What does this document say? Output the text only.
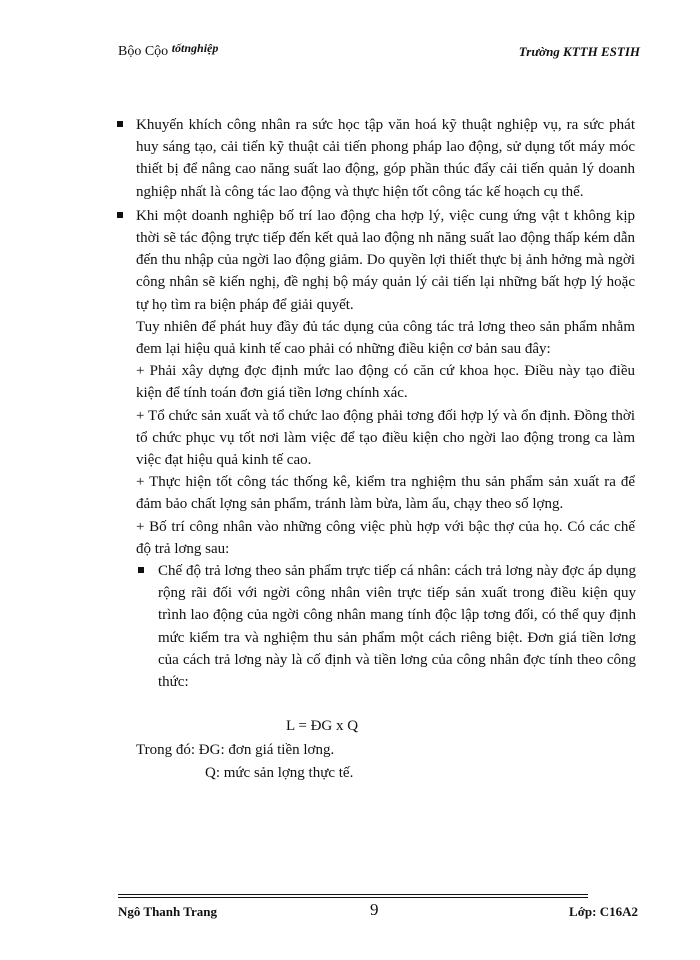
Bộo Cộo tốtnghiệp	Trường KTTH ESTIH

Khuyến khích công nhân ra sức học tập văn hoá kỹ thuật nghiệp vụ, ra sức phát huy sáng tạo, cải tiến kỹ thuật cải tiến phong pháp lao động, sử dụng tốt máy móc thiết bị để nâng cao năng suất lao động, góp phần thúc đẩy cải tiến quản lý doanh nghiệp nhất là công tác lao động và thực hiện tốt công tác kế hoạch cụ thể.

Khi một doanh nghiệp bố trí lao động cha hợp lý, việc cung ứng vật t không kịp thời sẽ tác động trực tiếp đến kết quả lao động nh năng suất lao động thấp kém dẫn đến thu nhập của ngời lao động giảm. Do quyền lợi thiết thực bị ảnh hởng mà ngời công nhân sẽ kiến nghị, đề nghị bộ máy quản lý cải tiến lại những bất hợp lý hoặc tự họ tìm ra biện pháp để giải quyết.

Tuy nhiên để phát huy đầy đủ tác dụng của công tác trả lơng theo sản phẩm nhằm đem lại hiệu quả kinh tế cao phải có những điều kiện cơ bản sau đây:

+ Phải xây dựng đợc định mức lao động có căn cứ khoa học. Điều này tạo điều kiện để tính toán đơn giá tiền lơng chính xác.

+ Tổ chức sản xuất và tổ chức lao động phải tơng đối hợp lý và ổn định. Đồng thời tổ chức phục vụ tốt nơi làm việc để tạo điều kiện cho ngời lao động trong ca làm việc đạt hiệu quả kinh tế cao.

+ Thực hiện tốt công tác thống kê, kiểm tra nghiệm thu sản phẩm sản xuất ra để đảm bảo chất lợng sản phẩm, tránh làm bừa, làm ẩu, chạy theo số lợng.

+ Bố trí công nhân vào những công việc phù hợp với bậc thợ của họ. Có các chế độ trả lơng sau:

Chế độ trả lơng theo sản phẩm trực tiếp cá nhân: cách trả lơng này đợc áp dụng rộng rãi đối với ngời công nhân viên trực tiếp sản xuất trong điều kiện quy trình lao động của ngời công nhân mang tính độc lập tơng đối, có thể quy định mức kiểm tra và nghiệm thu sản phẩm một cách riêng biệt. Đơn giá tiền lơng của cách trả lơng này là cố định và tiền lơng của công nhân đợc tính theo công thức:

L = ĐG x Q
Trong đó: ĐG: đơn giá tiền lơng.
Q: mức sản lợng thực tế.
Ngô Thanh Trang	9	Lớp: C16A2
